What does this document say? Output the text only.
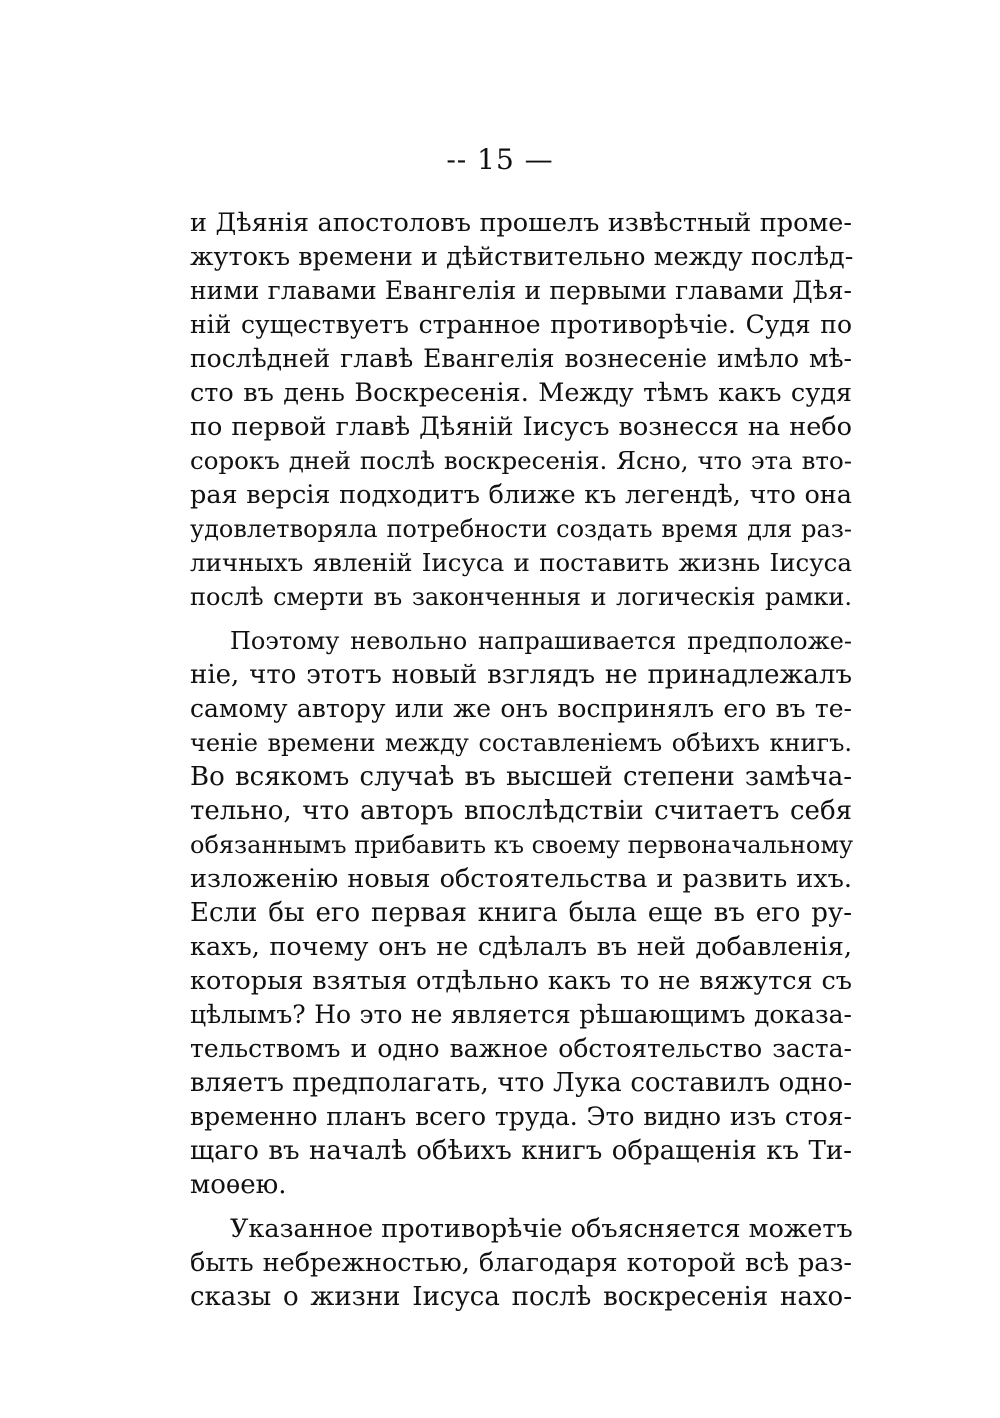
-- 15 —
и Дѣянія апостоловъ прошелъ извѣстный проме-
жутокъ времени и дѣйствительно между послѣд-
ними главами Евангелія и первыми главами Дѣя-
ній существуетъ странное противорѣчіе. Судя по
послѣдней главѣ Евангелія вознесеніе имѣло мѣ-
сто въ день Воскресенія. Между тѣмъ какъ судя
по первой главѣ Дѣяній Іисусъ вознесся на небо
сорокъ дней послѣ воскресенія. Ясно, что эта вто-
рая версія подходитъ ближе къ легендѣ, что она
удовлетворяла потребности создать время для раз-
личныхъ явленій Іисуса и поставить жизнь Іисуса
послѣ смерти въ законченныя и логическія рамки.
Поэтому невольно напрашивается предположе-
ніе, что этотъ новый взглядъ не принадлежалъ
самому автору или же онъ воспринялъ его въ те-
ченіе времени между составленіемъ обѣихъ книгъ.
Во всякомъ случаѣ въ высшей степени замѣча-
тельно, что авторъ впослѣдствіи считаетъ себя
обязаннымъ прибавить къ своему первоначальному
изложенію новыя обстоятельства и развить ихъ.
Если бы его первая книга была еще въ его ру-
кахъ, почему онъ не сдѣлалъ въ ней добавленія,
которыя взятыя отдѣльно какъ то не вяжутся съ
цѣлымъ? Но это не является рѣшающимъ доказа-
тельствомъ и одно важное обстоятельство заста-
вляетъ предполагать, что Лука составилъ одно-
временно планъ всего труда. Это видно изъ стоя-
щаго въ началѣ обѣихъ книгъ обращенія къ Ти-
моѳею.
Указанное противорѣчіе объясняется можетъ
быть небрежностью, благодаря которой всѣ раз-
сказы о жизни Іисуса послѣ воскресенія нахо-
